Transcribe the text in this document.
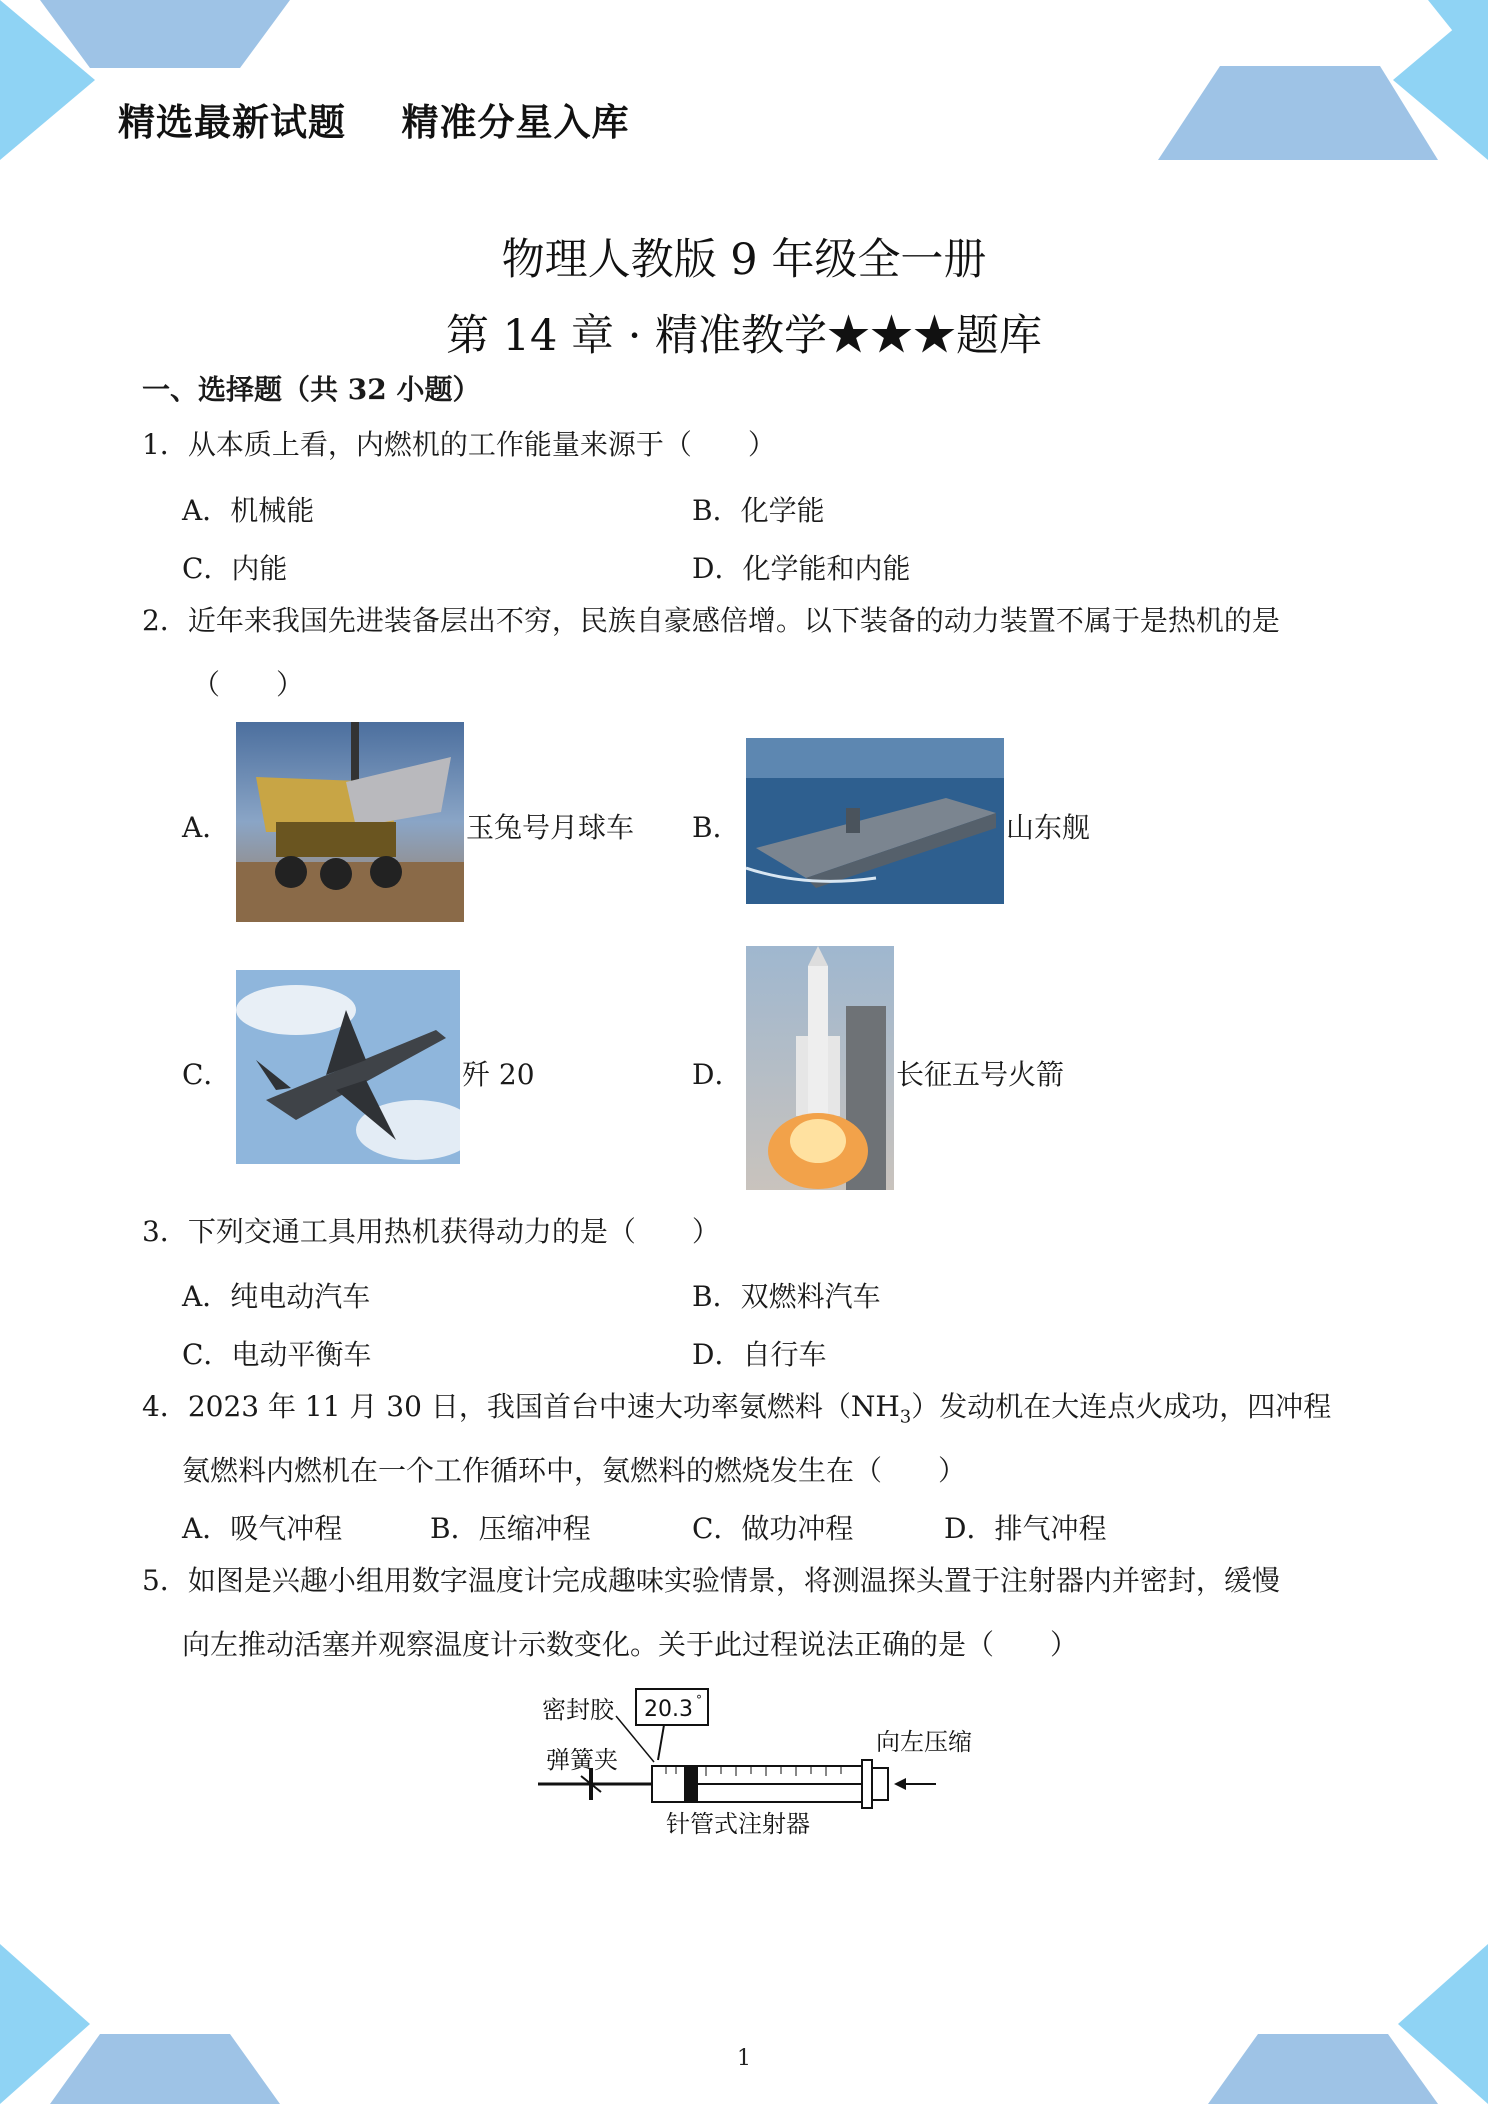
精选最新试题    精准分星入库
物理人教版 9 年级全一册
第 14 章 · 精准教学★★★题库
一、选择题（共 32 小题）
1．从本质上看，内燃机的工作能量来源于（　　）
A．机械能	B．化学能
C．内能	D．化学能和内能
2．近年来我国先进装备层出不穷，民族自豪感倍增。以下装备的动力装置不属于是热机的是
（　　）
A．	玉兔号月球车 B．	山东舰
C．	歼 20	D．	长征五号火箭
3．下列交通工具用热机获得动力的是（　　）
A．纯电动汽车	B．双燃料汽车
C．电动平衡车	D．自行车
4．2023 年 11 月 30 日，我国首台中速大功率氨燃料$(NH_3)$发动机在大连点火成功，四冲程
氨燃料内燃机在一个工作循环中，氨燃料的燃烧发生在（　　）
A．吸气冲程	B．压缩冲程	C．做功冲程	D．排气冲程
5．如图是兴趣小组用数字温度计完成趣味实验情景，将测温探头置于注射器内并密封，缓慢
向左推动活塞并观察温度计示数变化。关于此过程说法正确的是（　　）
密封胶 20.3 °
弹簧夹
向左压缩
针管式注射器
1
